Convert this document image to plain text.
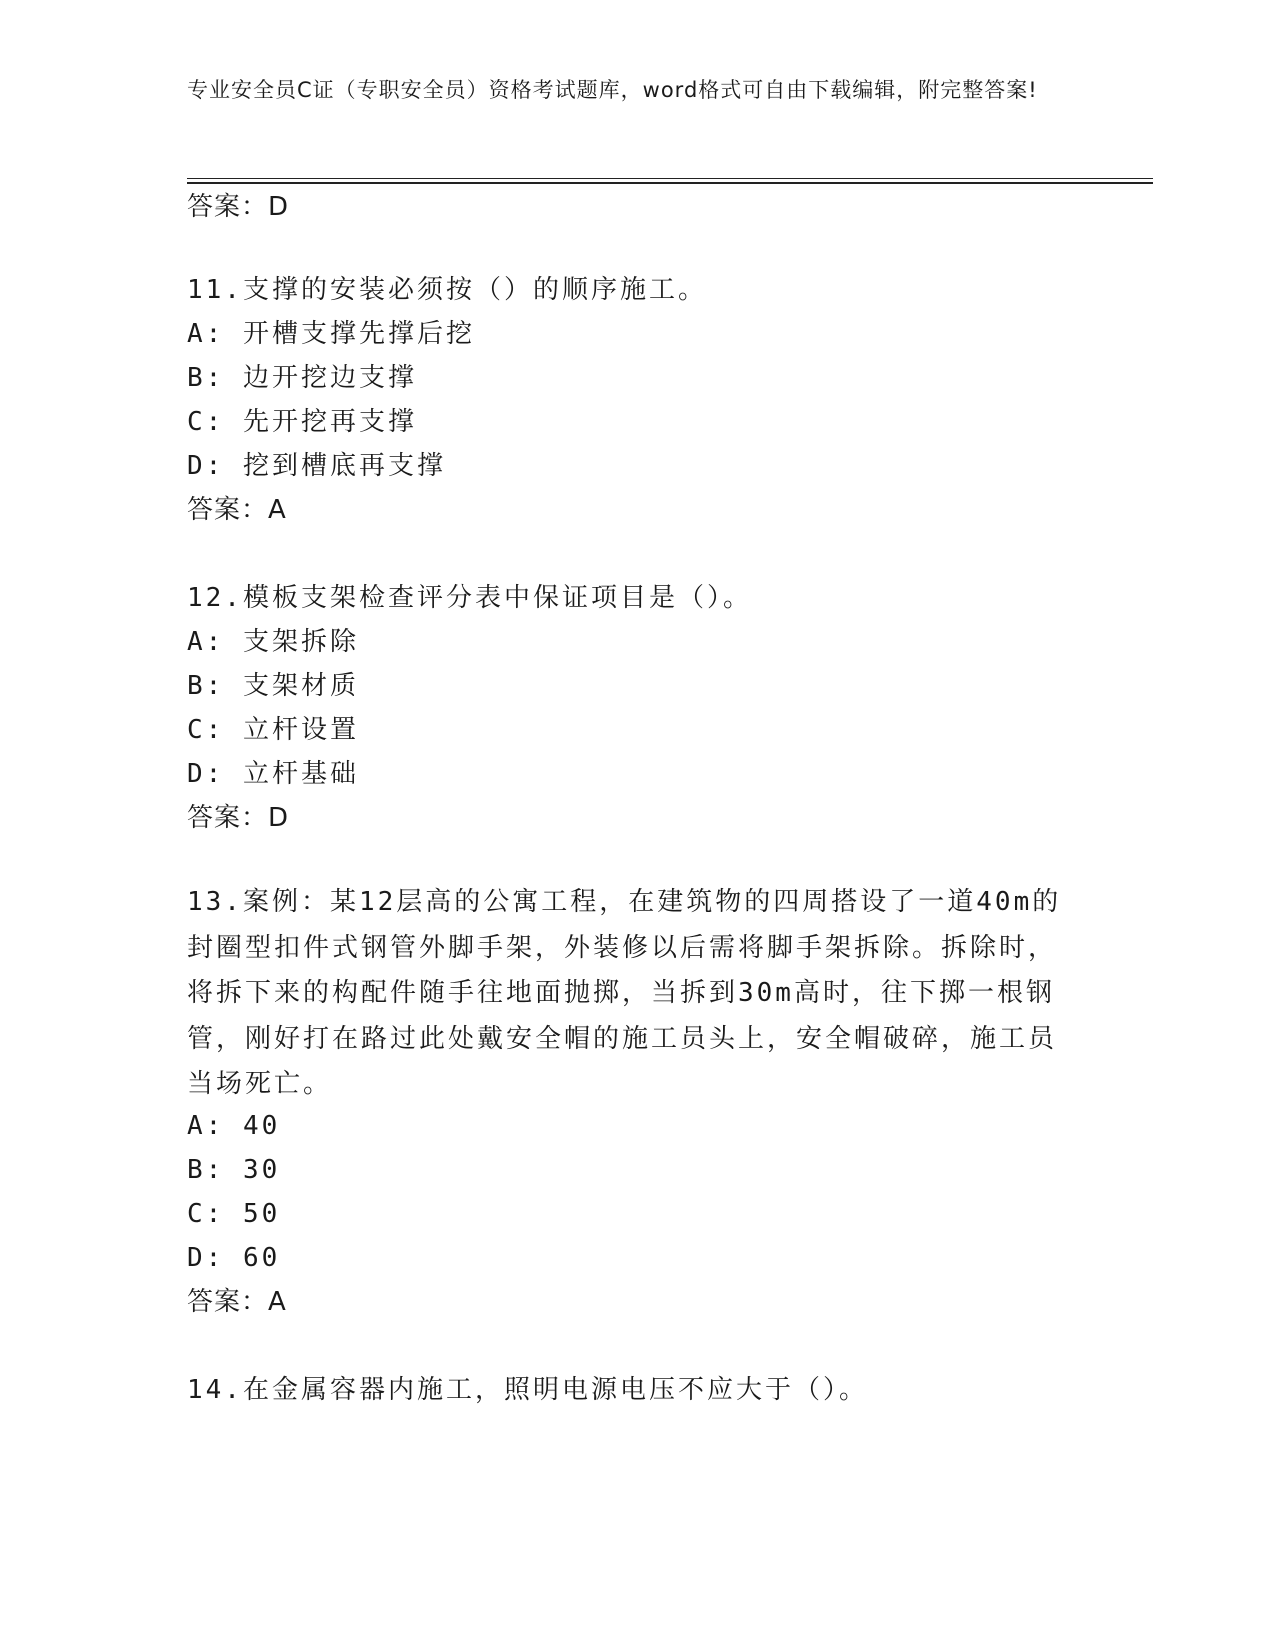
专业安全员C证（专职安全员）资格考试题库，word格式可自由下载编辑，附完整答案!
答案：D
11.支撑的安装必须按（）的顺序施工。
A: 开槽支撑先撑后挖
B: 边开挖边支撑
C: 先开挖再支撑
D: 挖到槽底再支撑
答案：A
12.模板支架检查评分表中保证项目是（）。
A: 支架拆除
B: 支架材质
C: 立杆设置
D: 立杆基础
答案：D
13.案例：某12层高的公寓工程，在建筑物的四周搭设了一道40m的封圈型扣件式钢管外脚手架，外装修以后需将脚手架拆除。拆除时，将拆下来的构配件随手往地面抛掷，当拆到30m高时，往下掷一根钢管，刚好打在路过此处戴安全帽的施工员头上，安全帽破碎，施工员当场死亡。
A: 40
B: 30
C: 50
D: 60
答案：A
14.在金属容器内施工，照明电源电压不应大于（）。
